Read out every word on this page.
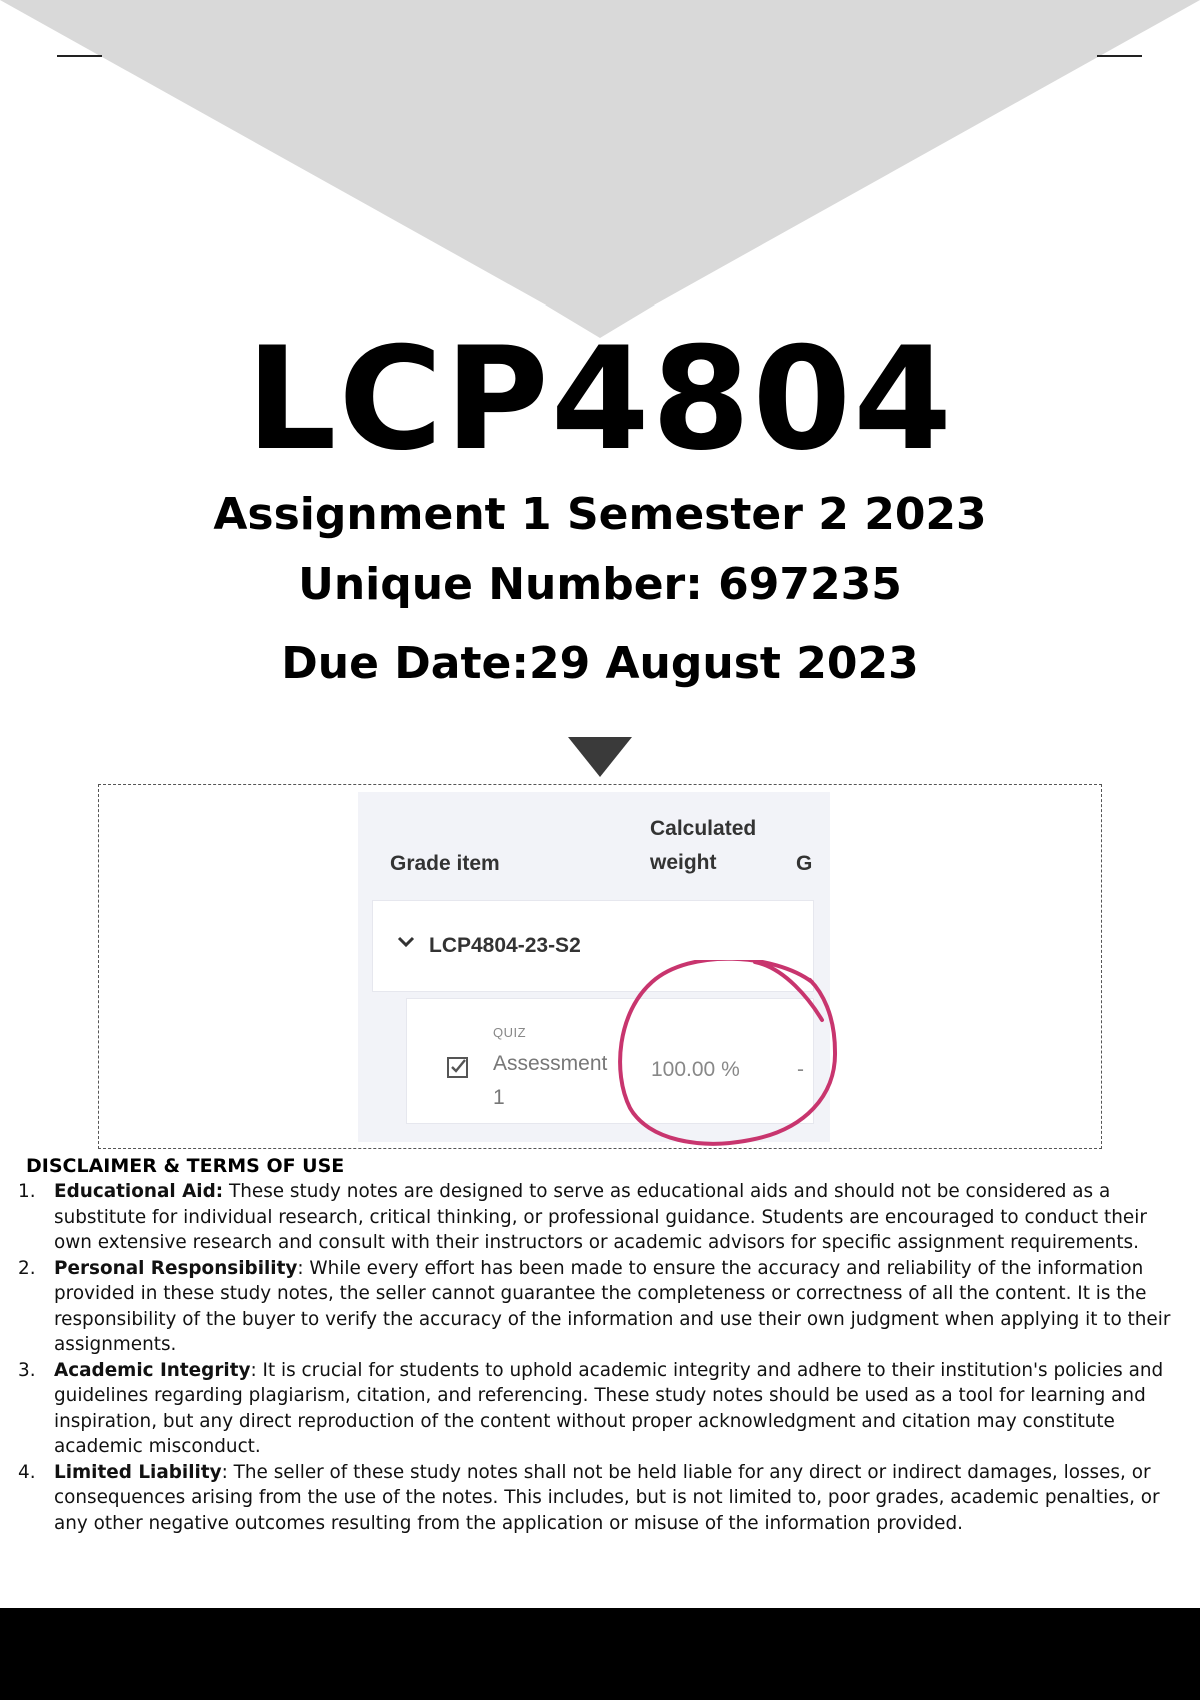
LCP4804
Assignment 1 Semester 2 2023
Unique Number: 697235
Due Date:29 August 2023
Calculated
weight
Grade item	G
LCP4804-23-S2
QUIZ
Assessment 1
100.00 %	-
DISCLAIMER & TERMS OF USE
1. Educational Aid: These study notes are designed to serve as educational aids and should not be considered as a substitute for individual research, critical thinking, or professional guidance. Students are encouraged to conduct their own extensive research and consult with their instructors or academic advisors for specific assignment requirements.
2. Personal Responsibility: While every effort has been made to ensure the accuracy and reliability of the information provided in these study notes, the seller cannot guarantee the completeness or correctness of all the content. It is the responsibility of the buyer to verify the accuracy of the information and use their own judgment when applying it to their assignments.
3. Academic Integrity: It is crucial for students to uphold academic integrity and adhere to their institution's policies and guidelines regarding plagiarism, citation, and referencing. These study notes should be used as a tool for learning and inspiration, but any direct reproduction of the content without proper acknowledgment and citation may constitute academic misconduct.
4. Limited Liability: The seller of these study notes shall not be held liable for any direct or indirect damages, losses, or consequences arising from the use of the notes. This includes, but is not limited to, poor grades, academic penalties, or any other negative outcomes resulting from the application or misuse of the information provided.
